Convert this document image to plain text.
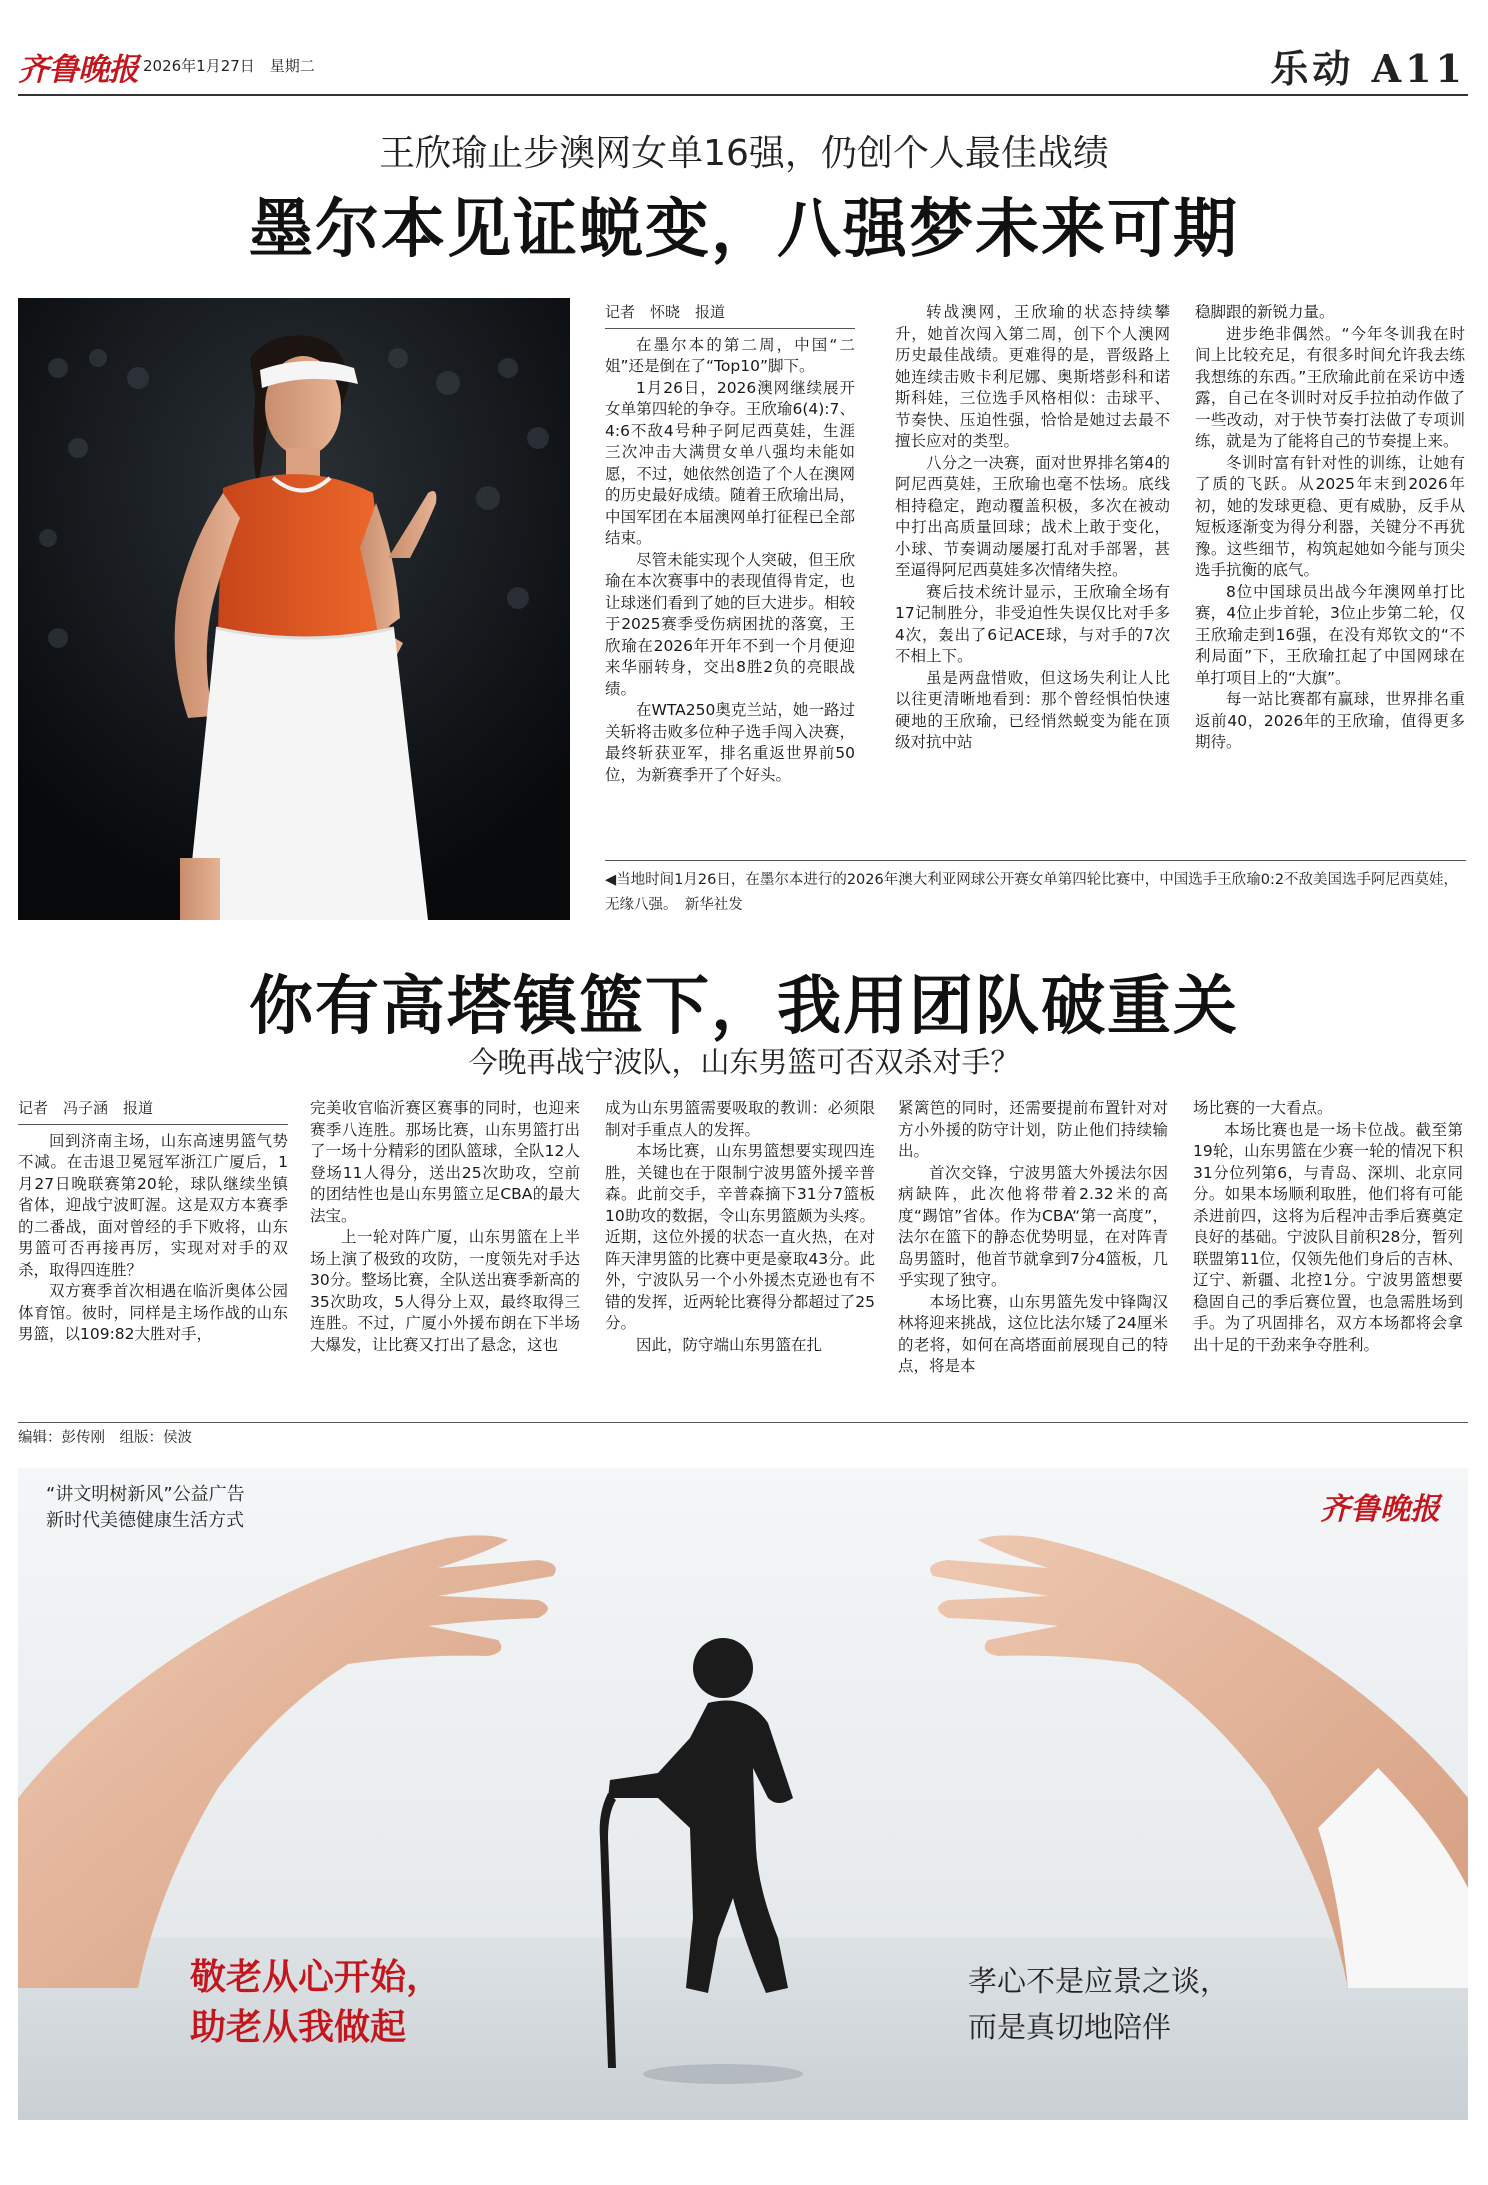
齐鲁晚报 2026年1月27日　星期二	乐动 A11
王欣瑜止步澳网女单16强，仍创个人最佳战绩
墨尔本见证蜕变，八强梦未来可期
记者　怀晓　报道

在墨尔本的第二周，中国“二姐”还是倒在了“Top10”脚下。

1月26日，2026澳网继续展开女单第四轮的争夺。王欣瑜6(4):7、4:6不敌4号种子阿尼西莫娃，生涯三次冲击大满贯女单八强均未能如愿，不过，她依然创造了个人在澳网的历史最好成绩。随着王欣瑜出局，中国军团在本届澳网单打征程已全部结束。

尽管未能实现个人突破，但王欣瑜在本次赛事中的表现值得肯定，也让球迷们看到了她的巨大进步。相较于2025赛季受伤病困扰的落寞，王欣瑜在2026年开年不到一个月便迎来华丽转身，交出8胜2负的亮眼战绩。

在WTA250奥克兰站，她一路过关斩将击败多位种子选手闯入决赛，最终斩获亚军，排名重返世界前50位，为新赛季开了个好头。

转战澳网，王欣瑜的状态持续攀升，她首次闯入第二周，创下个人澳网历史最佳战绩。更难得的是，晋级路上她连续击败卡利尼娜、奥斯塔彭科和诺斯科娃，三位选手风格相似：击球平、节奏快、压迫性强，恰恰是她过去最不擅长应对的类型。

八分之一决赛，面对世界排名第4的阿尼西莫娃，王欣瑜也毫不怯场。底线相持稳定，跑动覆盖积极，多次在被动中打出高质量回球；战术上敢于变化，小球、节奏调动屡屡打乱对手部署，甚至逼得阿尼西莫娃多次情绪失控。

赛后技术统计显示，王欣瑜全场有17记制胜分，非受迫性失误仅比对手多4次，轰出了6记ACE球，与对手的7次不相上下。

虽是两盘惜败，但这场失利让人比以往更清晰地看到：那个曾经惧怕快速硬地的王欣瑜，已经悄然蜕变为能在顶级对抗中站

稳脚跟的新锐力量。

进步绝非偶然。“今年冬训我在时间上比较充足，有很多时间允许我去练我想练的东西。”王欣瑜此前在采访中透露，自己在冬训时对反手拉拍动作做了一些改动，对于快节奏打法做了专项训练，就是为了能将自己的节奏提上来。

冬训时富有针对性的训练，让她有了质的飞跃。从2025年末到2026年初，她的发球更稳、更有威胁，反手从短板逐渐变为得分利器，关键分不再犹豫。这些细节，构筑起她如今能与顶尖选手抗衡的底气。

8位中国球员出战今年澳网单打比赛，4位止步首轮，3位止步第二轮，仅王欣瑜走到16强，在没有郑钦文的“不利局面”下，王欣瑜扛起了中国网球在单打项目上的“大旗”。

每一站比赛都有赢球，世界排名重返前40，2026年的王欣瑜，值得更多期待。

◀当地时间1月26日，在墨尔本进行的2026年澳大利亚网球公开赛女单第四轮比赛中，中国选手王欣瑜0:2不敌美国选手阿尼西莫娃，无缘八强。　新华社发
你有高塔镇篮下，我用团队破重关
今晚再战宁波队，山东男篮可否双杀对手？
记者　冯子涵　报道

回到济南主场，山东高速男篮气势不减。在击退卫冕冠军浙江广厦后，1月27日晚联赛第20轮，球队继续坐镇省体，迎战宁波町渥。这是双方本赛季的二番战，面对曾经的手下败将，山东男篮可否再接再厉，实现对对手的双杀，取得四连胜？

双方赛季首次相遇在临沂奥体公园体育馆。彼时，同样是主场作战的山东男篮，以109:82大胜对手，

完美收官临沂赛区赛事的同时，也迎来赛季八连胜。那场比赛，山东男篮打出了一场十分精彩的团队篮球，全队12人登场11人得分，送出25次助攻，空前的团结性也是山东男篮立足CBA的最大法宝。

上一轮对阵广厦，山东男篮在上半场上演了极致的攻防，一度领先对手达30分。整场比赛，全队送出赛季新高的35次助攻，5人得分上双，最终取得三连胜。不过，广厦小外援布朗在下半场大爆发，让比赛又打出了悬念，这也

成为山东男篮需要吸取的教训：必须限制对手重点人的发挥。

本场比赛，山东男篮想要实现四连胜，关键也在于限制宁波男篮外援辛普森。此前交手，辛普森摘下31分7篮板10助攻的数据，令山东男篮颇为头疼。近期，这位外援的状态一直火热，在对阵天津男篮的比赛中更是豪取43分。此外，宁波队另一个小外援杰克逊也有不错的发挥，近两轮比赛得分都超过了25分。

因此，防守端山东男篮在扎

紧篱笆的同时，还需要提前布置针对对方小外援的防守计划，防止他们持续输出。

首次交锋，宁波男篮大外援法尔因病缺阵，此次他将带着2.32米的高度“踢馆”省体。作为CBA“第一高度”，法尔在篮下的静态优势明显，在对阵青岛男篮时，他首节就拿到7分4篮板，几乎实现了独守。

本场比赛，山东男篮先发中锋陶汉林将迎来挑战，这位比法尔矮了24厘米的老将，如何在高塔面前展现自己的特点，将是本

场比赛的一大看点。

本场比赛也是一场卡位战。截至第19轮，山东男篮在少赛一轮的情况下积31分位列第6，与青岛、深圳、北京同分。如果本场顺利取胜，他们将有可能杀进前四，这将为后程冲击季后赛奠定良好的基础。宁波队目前积28分，暂列联盟第11位，仅领先他们身后的吉林、辽宁、新疆、北控1分。宁波男篮想要稳固自己的季后赛位置，也急需胜场到手。为了巩固排名，双方本场都将会拿出十足的干劲来争夺胜利。

编辑：彭传刚　组版：侯波
“讲文明树新风”公益广告
新时代美德健康生活方式	齐鲁晚报
敬老从心开始，
助老从我做起
孝心不是应景之谈，
而是真切地陪伴
